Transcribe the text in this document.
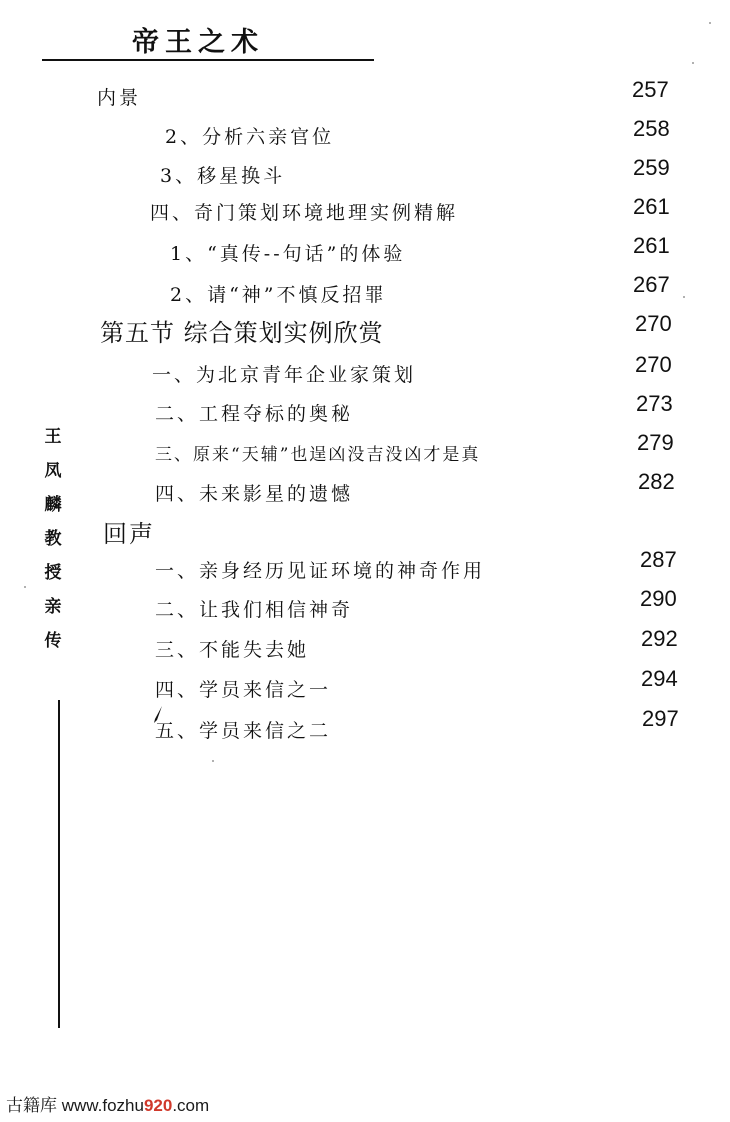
帝王之术
内景	257
2、分析六亲官位	258
3、移星换斗	259
四、奇门策划环境地理实例精解	261
1、“真传--句话”的体验	261
2、请“神”不慎反招罪	267
第五节 综合策划实例欣赏	270
一、为北京青年企业家策划	270
二、工程夺标的奥秘	273
三、原来“天辅”也逞凶没吉没凶才是真	279
四、未来影星的遗憾	282
回声
一、亲身经历见证环境的神奇作用	287
二、让我们相信神奇	290
三、不能失去她	292
四、学员来信之一	294
五、学员来信之二	297
王凤麟教授亲传
古籍库 www.fozhu920.com
